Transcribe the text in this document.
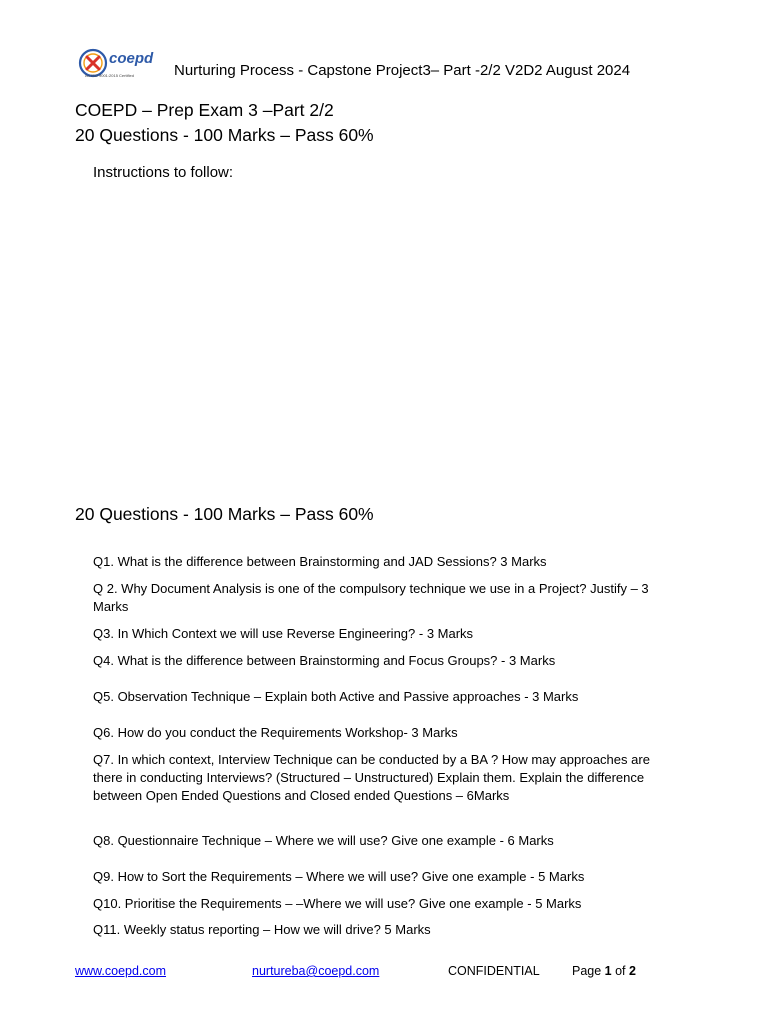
coepd
An ISO 9001:2015 Certified	Nurturing Process - Capstone Project3– Part -2/2 V2D2 August 2024
COEPD – Prep Exam 3 –Part 2/2
20 Questions - 100 Marks – Pass 60%
Instructions to follow:
20 Questions - 100 Marks – Pass 60%
Q1. What is the difference between Brainstorming and JAD Sessions? 3 Marks
Q 2. Why Document Analysis is one of the compulsory technique we use in a Project? Justify – 3 Marks
Q3. In Which Context we will use Reverse Engineering? - 3 Marks
Q4. What is the difference between Brainstorming and Focus Groups? - 3 Marks
Q5. Observation Technique – Explain both Active and Passive approaches - 3 Marks
Q6. How do you conduct the Requirements Workshop- 3 Marks
Q7. In which context, Interview Technique can be conducted by a BA ? How may approaches are there in conducting Interviews? (Structured – Unstructured) Explain them. Explain the difference between Open Ended Questions and Closed ended Questions – 6Marks
Q8. Questionnaire Technique – Where we will use? Give one example - 6 Marks
Q9. How to Sort the Requirements – Where we will use? Give one example - 5 Marks
Q10. Prioritise the Requirements – –Where we will use? Give one example - 5 Marks
Q11. Weekly status reporting – How we will drive? 5 Marks
www.coepd.com	nurtureba@coepd.com	CONFIDENTIAL	Page 1 of 2
